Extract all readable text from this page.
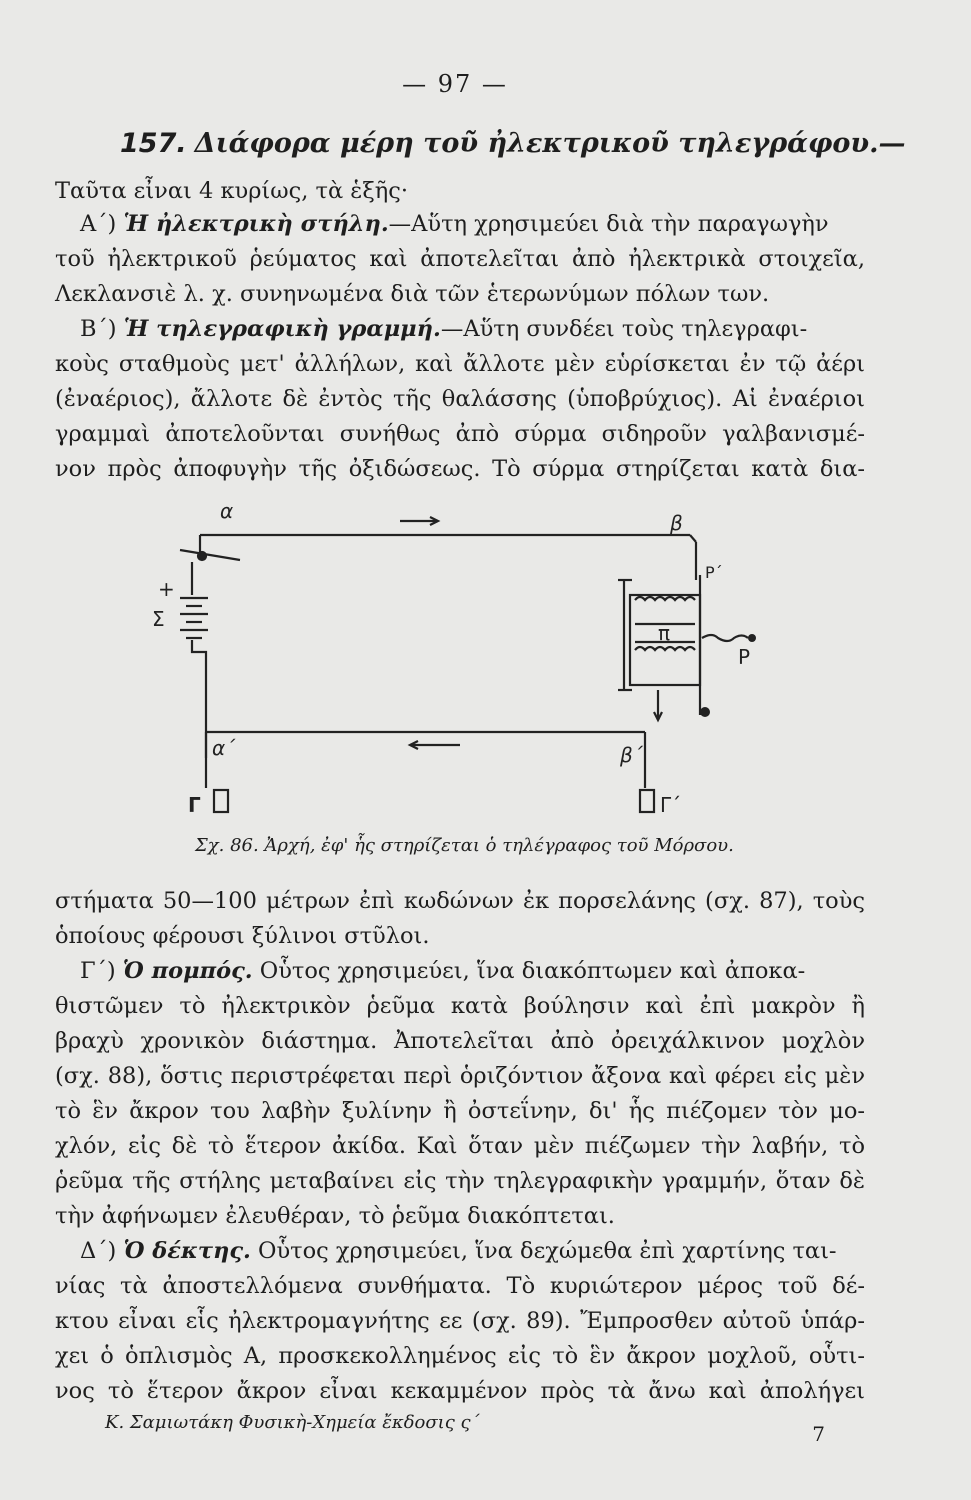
— 97 —
157. Διάφορα μέρη τοῦ ἠλεκτρικοῦ τηλεγράφου.—
Ταῦτα εἶναι 4 κυρίως, τὰ ἑξῆς·
Α΄) Ἡ ἠλεκτρικὴ στήλη.—Αὕτη χρησιμεύει διὰ τὴν παραγωγὴν
τοῦ ἠλεκτρικοῦ ῥεύματος καὶ ἀποτελεῖται ἀπὸ ἠλεκτρικὰ στοιχεῖα,
Λεκλανσιὲ λ. χ. συνηνωμένα διὰ τῶν ἑτερωνύμων πόλων των.
Β΄) Ἡ τηλεγραφικὴ γραμμή.—Αὕτη συνδέει τοὺς τηλεγραφι-
κοὺς σταθμοὺς μετ' ἀλλήλων, καὶ ἄλλοτε μὲν εὑρίσκεται ἐν τῷ ἀέρι
(ἐναέριος), ἄλλοτε δὲ ἐντὸς τῆς θαλάσσης (ὑποβρύχιος). Αἱ ἐναέριοι
γραμμαὶ ἀποτελοῦνται συνήθως ἀπὸ σύρμα σιδηροῦν γαλβανισμέ-
νον πρὸς ἀποφυγὴν τῆς ὀξιδώσεως. Τὸ σύρμα στηρίζεται κατὰ δια-
α	β
α΄	β΄
+
Σ
π
Ρ΄
Ρ
Γ	Γ΄
Σχ. 86. Ἀρχή, ἐφ' ἧς στηρίζεται ὁ τηλέγραφος τοῦ Μόρσου.
στήματα 50—100 μέτρων ἐπὶ κωδώνων ἐκ πορσελάνης (σχ. 87), τοὺς
ὁποίους φέρουσι ξύλινοι στῦλοι.
Γ΄) Ὁ πομπός. Οὗτος χρησιμεύει, ἵνα διακόπτωμεν καὶ ἀποκα-
θιστῶμεν τὸ ἠλεκτρικὸν ῥεῦμα κατὰ βούλησιν καὶ ἐπὶ μακρὸν ἢ
βραχὺ χρονικὸν διάστημα. Ἀποτελεῖται ἀπὸ ὀρειχάλκινον μοχλὸν
(σχ. 88), ὅστις περιστρέφεται περὶ ὁριζόντιον ἄξονα καὶ φέρει εἰς μὲν
τὸ ἓν ἄκρον του λαβὴν ξυλίνην ἢ ὀστεΐνην, δι' ἧς πιέζομεν τὸν μο-
χλόν, εἰς δὲ τὸ ἕτερον ἀκίδα. Καὶ ὅταν μὲν πιέζωμεν τὴν λαβήν, τὸ
ῥεῦμα τῆς στήλης μεταβαίνει εἰς τὴν τηλεγραφικὴν γραμμήν, ὅταν δὲ
τὴν ἀφήνωμεν ἐλευθέραν, τὸ ῥεῦμα διακόπτεται.
Δ΄) Ὁ δέκτης. Οὗτος χρησιμεύει, ἵνα δεχώμεθα ἐπὶ χαρτίνης ται-
νίας τὰ ἀποστελλόμενα συνθήματα. Τὸ κυριώτερον μέρος τοῦ δέ-
κτου εἶναι εἷς ἠλεκτρομαγνήτης εε (σχ. 89). Ἔμπροσθεν αὐτοῦ ὑπάρ-
χει ὁ ὁπλισμὸς Α, προσκεκολλημένος εἰς τὸ ἓν ἄκρον μοχλοῦ, οὗτι-
νος τὸ ἕτερον ἄκρον εἶναι κεκαμμένον πρὸς τὰ ἄνω καὶ ἀπολήγει
Κ. Σαμιωτάκη Φυσικὴ-Χημεία ἔκδοσις ς΄	7
